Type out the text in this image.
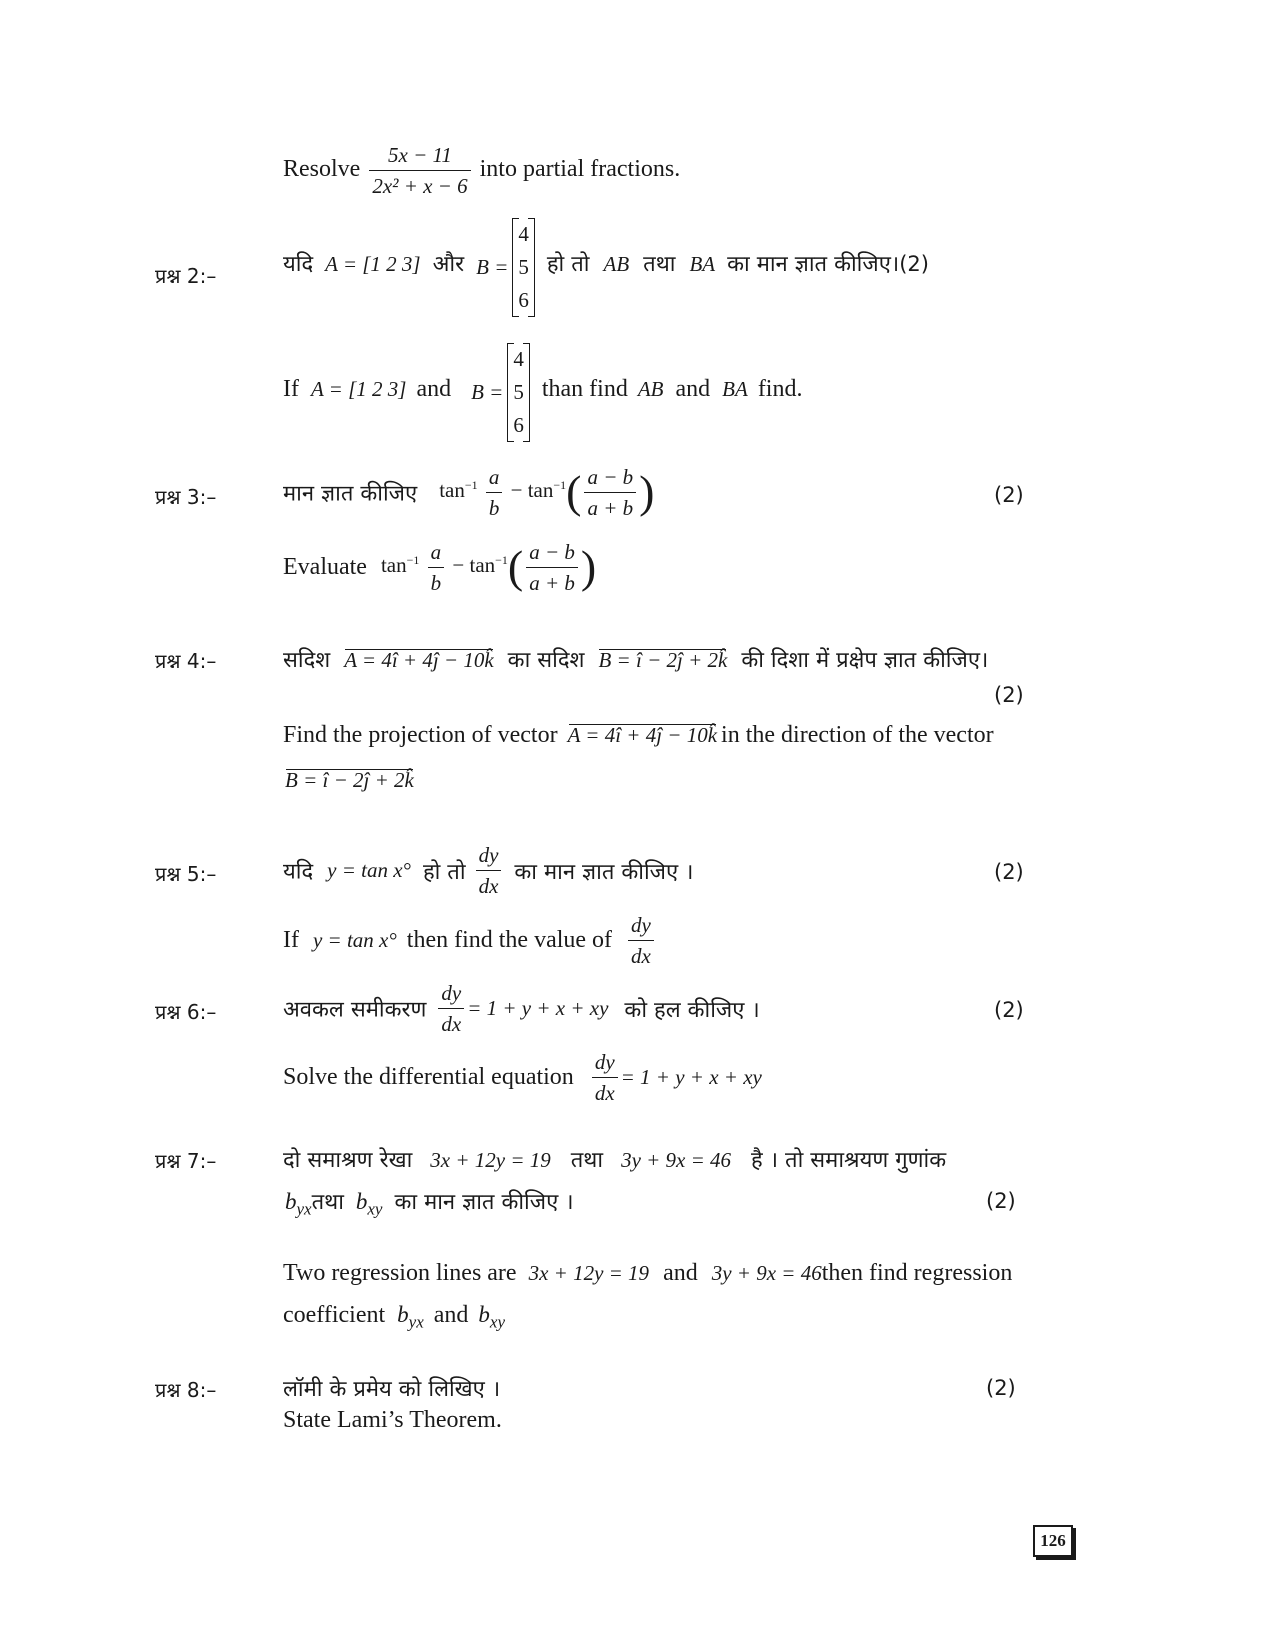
Resolve $\frac{5x - 11}{\text{2x² + x − 6}}$ into partial fractions.
प्रश्न 2:–	यदि A = [1 2 3] और B =
4
5
6
हो तो AB तथा BA का मान ज्ञात कीजिए।(2)
If A = [1 2 3] and B =
4
5
6
than find AB and BA find.
प्रश्न 3:–	मान ज्ञात कीजिए $\tan^{-1} \frac{a}{b} - \tan^{-1}( \frac{a - b}{a + b}$ )	(2)
Evaluate $\tan^{-1} \frac{a}{b} - \tan^{-1}( \frac{a - b}{a + b}$ )
प्रश्न 4:–	सदिश A = 4î + 4ĵ − 10k̂ का सदिश B = î − 2ĵ + 2k̂ की दिशा में प्रक्षेप ज्ञात कीजिए।
(2)
Find the projection of vector A = 4î + 4ĵ − 10k̂ in the direction of the vector
B = î − 2ĵ + 2k̂
प्रश्न 5:–	यदि y = tan x° हो तो $\frac{dy}{dx}$ का मान ज्ञात कीजिए ।	(2)
If y = tan x° then find the value of $\frac{dy}{dx}$
प्रश्न 6:–	अवकल समीकरण $\frac{dy}{dx} = 1 + y + x$ + xy को हल कीजिए ।	(2)
Solve the differential equation $\frac{dy}{dx} = 1 + y + x$ + xy
प्रश्न 7:–	दो समाश्रण रेखा 3x + 12y = 19 तथा 3y + 9x = 46 है । तो समाश्रयण गुणांक
$b_{yx}तथा$ $b_{xy}$ का मान ज्ञात कीजिए ।	(2)
Two regression lines are 3x + 12y = 19 and 3y + 9x = 46then find regression
coefficient $b_{yx}$ and $b_{xy}$
प्रश्न 8:–	लॉमी के प्रमेय को लिखिए ।	(2)
State Lami’s Theorem.
126
